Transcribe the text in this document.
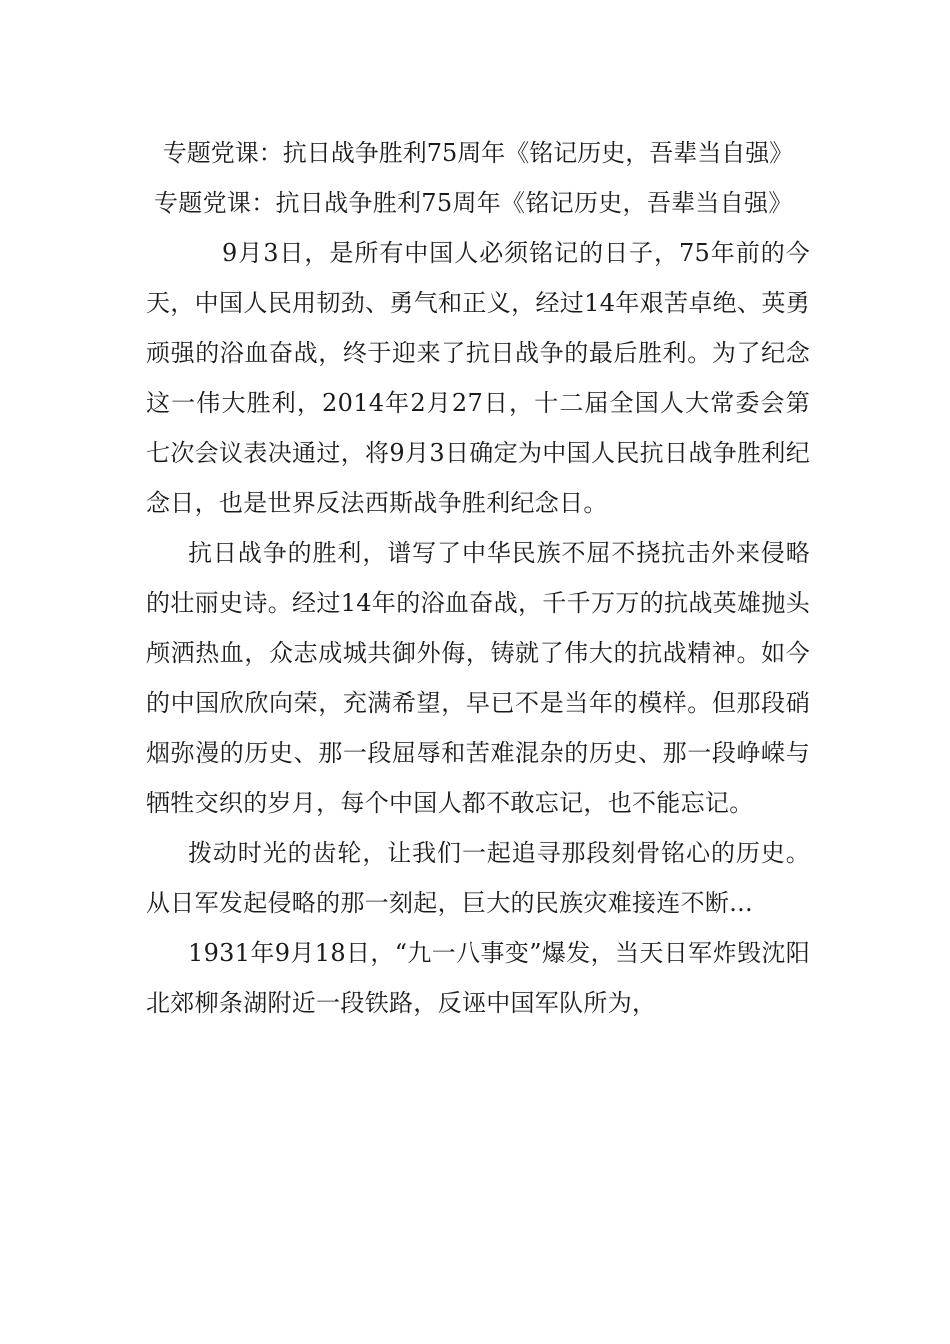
专题党课：抗日战争胜利75周年《铭记历史，吾辈当自强》

专题党课：抗日战争胜利75周年《铭记历史，吾辈当自强》

9月3日，是所有中国人必须铭记的日子，75年前的今天，中国人民用韧劲、勇气和正义，经过14年艰苦卓绝、英勇顽强的浴血奋战，终于迎来了抗日战争的最后胜利。为了纪念这一伟大胜利，2014年2月27日，十二届全国人大常委会第七次会议表决通过，将9月3日确定为中国人民抗日战争胜利纪念日，也是世界反法西斯战争胜利纪念日。

抗日战争的胜利，谱写了中华民族不屈不挠抗击外来侵略的壮丽史诗。经过14年的浴血奋战，千千万万的抗战英雄抛头颅洒热血，众志成城共御外侮，铸就了伟大的抗战精神。如今的中国欣欣向荣，充满希望，早已不是当年的模样。但那段硝烟弥漫的历史、那一段屈辱和苦难混杂的历史、那一段峥嵘与牺牲交织的岁月，每个中国人都不敢忘记，也不能忘记。

拨动时光的齿轮，让我们一起追寻那段刻骨铭心的历史。从日军发起侵略的那一刻起，巨大的民族灾难接连不断...

1931年9月18日，“九一八事变”爆发，当天日军炸毁沈阳北郊柳条湖附近一段铁路，反诬中国军队所为，
